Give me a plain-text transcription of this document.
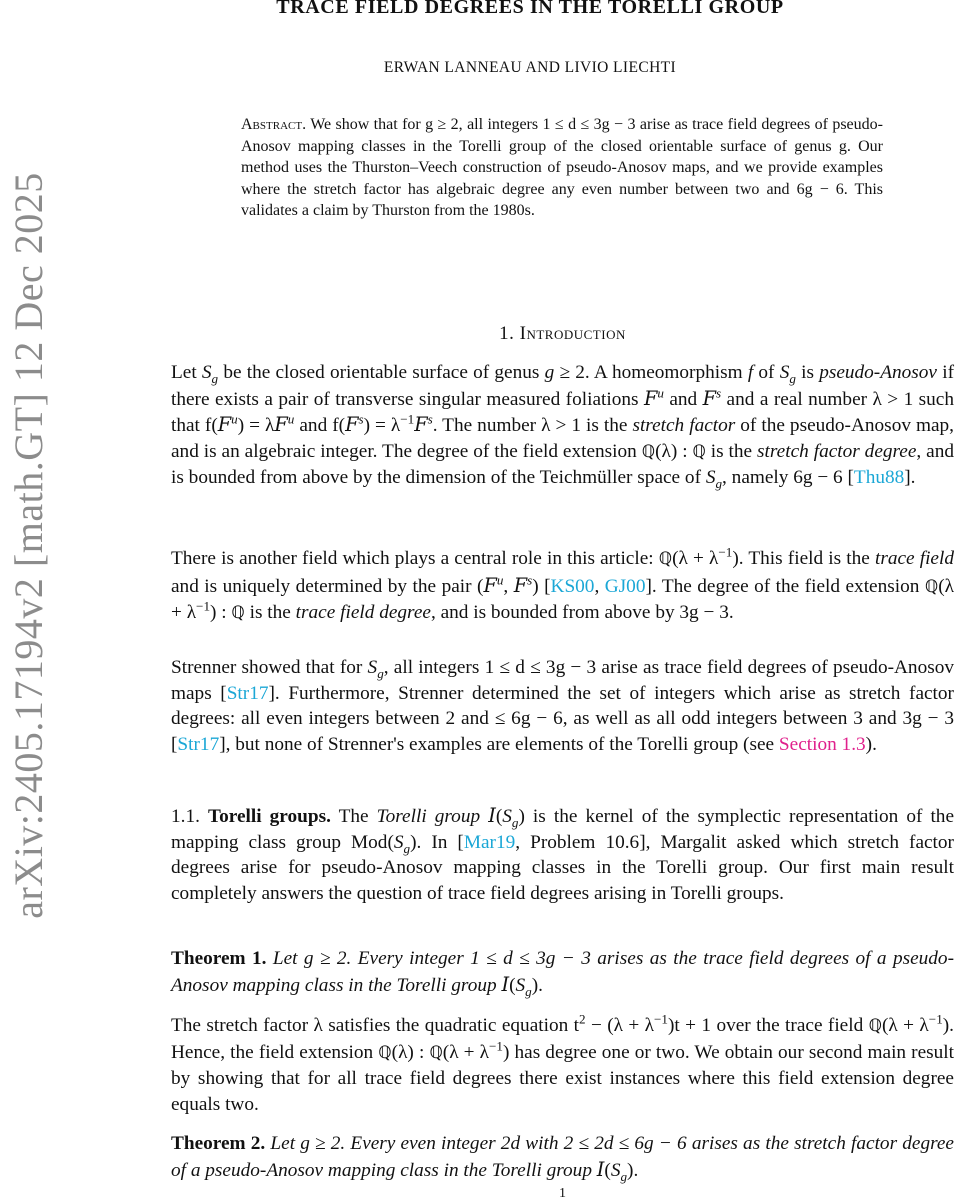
arXiv:2405.17194v2 [math.GT] 12 Dec 2025
TRACE FIELD DEGREES IN THE TORELLI GROUP
ERWAN LANNEAU AND LIVIO LIECHTI
Abstract. We show that for g ≥ 2, all integers 1 ≤ d ≤ 3g − 3 arise as trace field degrees of pseudo-Anosov mapping classes in the Torelli group of the closed orientable surface of genus g. Our method uses the Thurston–Veech construction of pseudo-Anosov maps, and we provide examples where the stretch factor has algebraic degree any even number between two and 6g − 6. This validates a claim by Thurston from the 1980s.
1. Introduction

Let $S_g$ be the closed orientable surface of genus g ≥ 2. A homeomorphism f of $S_g$ is pseudo-Anosov if there exists a pair of transverse singular measured foliations $F^u$ and $F^s$ and a real number λ > 1 such that $f(F^u) = \lambda F^u$ and $f(F^s) = \lambda^{-1}F^s$. The number λ > 1 is the stretch factor of the pseudo-Anosov map, and is an algebraic integer. The degree of the field extension ℚ(λ) : ℚ is the stretch factor degree, and is bounded from above by the dimension of the Teichmüller space of $S_g$, namely 6g − 6 [Thu88].

There is another field which plays a central role in this article: ℚ(λ + $\lambda^{-1}$). This field is the trace field and is uniquely determined by the pair ($F^u$, $F^s$) [KS00, GJ00]. The degree of the field extension ℚ(λ + $\lambda^{-1}$) : ℚ is the trace field degree, and is bounded from above by 3g − 3.

Strenner showed that for $S_g$, all integers 1 ≤ d ≤ 3g − 3 arise as trace field degrees of pseudo-Anosov maps [Str17]. Furthermore, Strenner determined the set of integers which arise as stretch factor degrees: all even integers between 2 and ≤ 6g − 6, as well as all odd integers between 3 and 3g − 3 [Str17], but none of Strenner's examples are elements of the Torelli group (see Section 1.3).

1.1. Torelli groups. The Torelli group $I(S_g)$ is the kernel of the symplectic representation of the mapping class group $Mod(S_g)$. In [Mar19, Problem 10.6], Margalit asked which stretch factor degrees arise for pseudo-Anosov mapping classes in the Torelli group. Our first main result completely answers the question of trace field degrees arising in Torelli groups.

Theorem 1. Let g ≥ 2. Every integer 1 ≤ d ≤ 3g − 3 arises as the trace field degrees of a pseudo-Anosov mapping class in the Torelli group $I(S_g)$.

The stretch factor λ satisfies the quadratic equation $t^2 - (\lambda + \lambda^{-1})t + 1$ over the trace field ℚ(λ + $\lambda^{-1}$). Hence, the field extension ℚ(λ) : ℚ(λ + $\lambda^{-1}$) has degree one or two. We obtain our second main result by showing that for all trace field degrees there exist instances where this field extension degree equals two.

Theorem 2. Let g ≥ 2. Every even integer 2d with 2 ≤ 2d ≤ 6g − 6 arises as the stretch factor degree of a pseudo-Anosov mapping class in the Torelli group $I(S_g)$.

1
